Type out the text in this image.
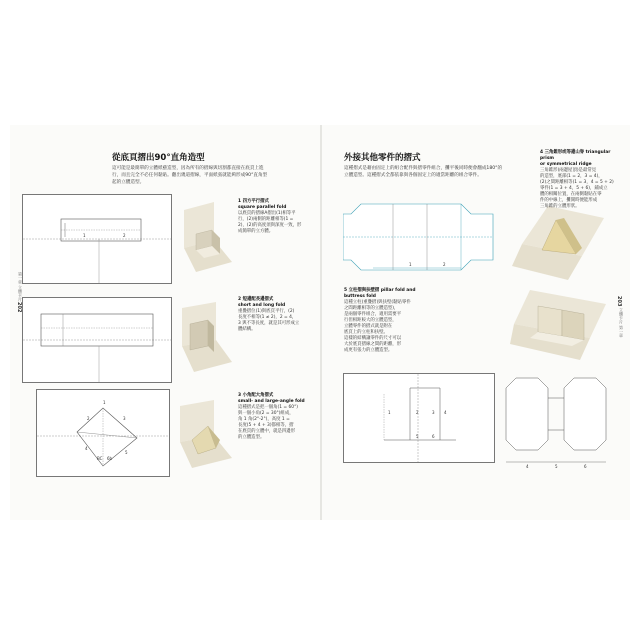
第一章 立體卡片
202
從底頁摺出90°直角造型
這可能是最簡單的立體紙藝造型，因為所有的摺線與切割都直接在底頁上進
行，而且完全不必任何黏貼。翻出幾道摺線，平面紙張就能夠形成90°直角型
起的立體造型。
1	2
1 四方平行摺式
square parallel fold
以底頁的摺線A摺出(1)相等平
行，(2)兩側的距離相等(1 =
2)，(2)的高度須與深度一致，形
成簡單的立方體。
2 短邊配長邊摺式
short and long fold
重疊摺位(1)與底頁平行，(2)
長度不相等(1 ≠ 2)，2 = 4，
3 與不等長度，就是其可形成立
體結構。
1
2	3
4
5
BC 6b
3 小角配大角摺式
small- and large-angle fold
這種摺式是把一個角(1 = 60°)
與一個小角(2 = 30°)組成，
角 1 角(2°-2°)，高度 1 =
長度(5 + 4 + 3)都相等，摺
在底頁的立體中，就是四邊形
的立體造型。
立體卡片 第一章
203
外接其他零件的摺式
這種摺式是藉由固定上的組合配件與摺零件組合，攤平後同時便會翻成180°的
立體造型。這種摺式全都依靠與各個固定上的適當距離的組合零件。
1	2
4 三角錐形或等邊山脊 triangular prism
or symmetrical ridge
三角錐形(兩邊屋頂)是最常見
的造型，底部(1 = 2，3 = 4)，
(2)之間距離相等(1 = 3，4 = 5 + 2)
零件(1 = 3 + 4，5 + 6)，鋪成立
體的相關位置，在兩側黏貼在零
件的中線上，攤開時便能形成
三角錐的立體形狀。
5 立柱摺與扶壁摺 pillar fold and
buttress fold
這種立柱(重疊摺)與扶壁(黏貼零件
之間距離相等的立體造型)，
是兩個零件組合，適用需要平
行但相距較大的立體造型，
立體零件的摺式就是附在
底頁上的立柱和扶壁。
這樣的結構讓零件的尺寸可以
大於底頁摺線之間的距離，形
成更有張力的立體造型。
1	2	3 4
5	6
4	5	6
